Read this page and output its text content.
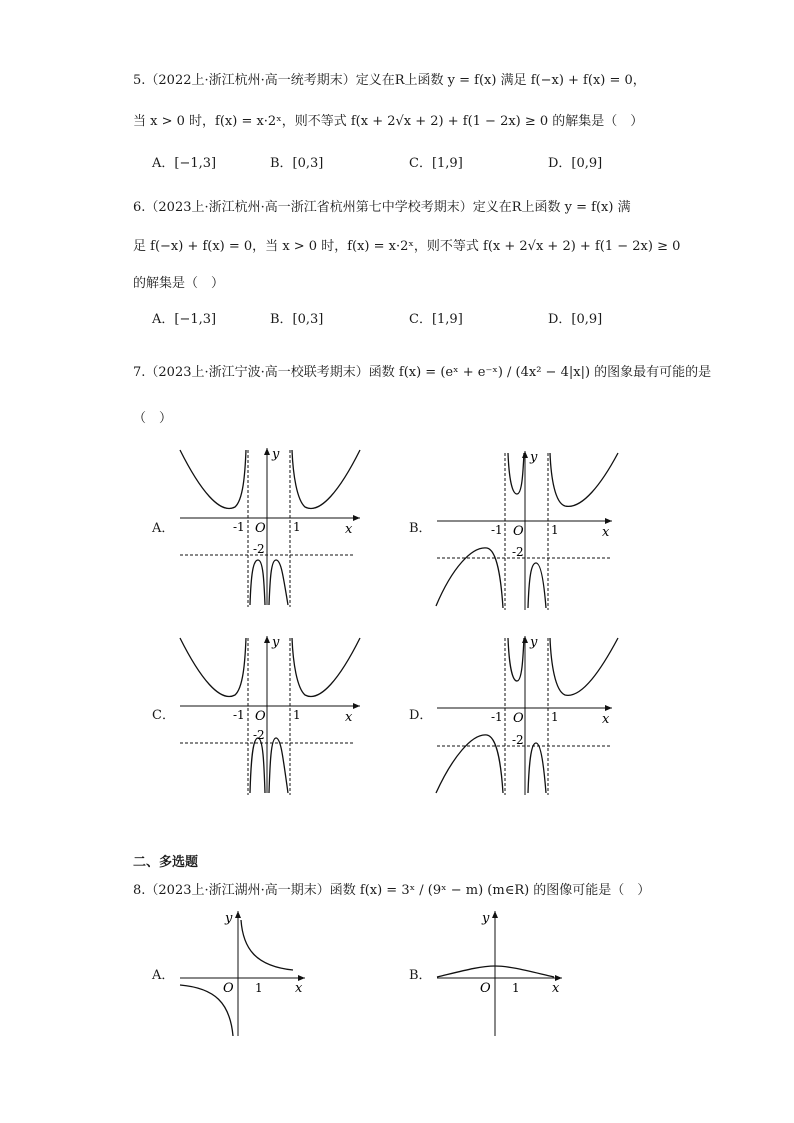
5.（2022上·浙江杭州·高一统考期末）定义在R上函数 y = f(x) 满足 f(−x) + f(x) = 0，
当 x > 0 时，f(x) = x·2ˣ，则不等式 f(x + 2√x + 2) + f(1 − 2x) ≥ 0 的解集是（　）
A．[−1,3]	B．[0,3]	C．[1,9]	D．[0,9]
6.（2023上·浙江杭州·高一浙江省杭州第七中学校考期末）定义在R上函数 y = f(x) 满
足 f(−x) + f(x) = 0，当 x > 0 时，f(x) = x·2ˣ，则不等式 f(x + 2√x + 2) + f(1 − 2x) ≥ 0
的解集是（　）
A．[−1,3]	B．[0,3]	C．[1,9]	D．[0,9]
7.（2023上·浙江宁波·高一校联考期末）函数 f(x) = (eˣ + e⁻ˣ) / (4x² − 4|x|) 的图象最有可能的是
（　）
A．	B．
C．	D．
y
x
O
-1	1
-2
y
x
O
-1	1
-2
y
x
O
-1	1
-2
y
x
O
-1	1
-2
二、多选题
8.（2023上·浙江湖州·高一期末）函数 f(x) = 3ˣ / (9ˣ − m) (m∈R) 的图像可能是（　）
A．	B．
y
x
O 1
y
x
O 1
